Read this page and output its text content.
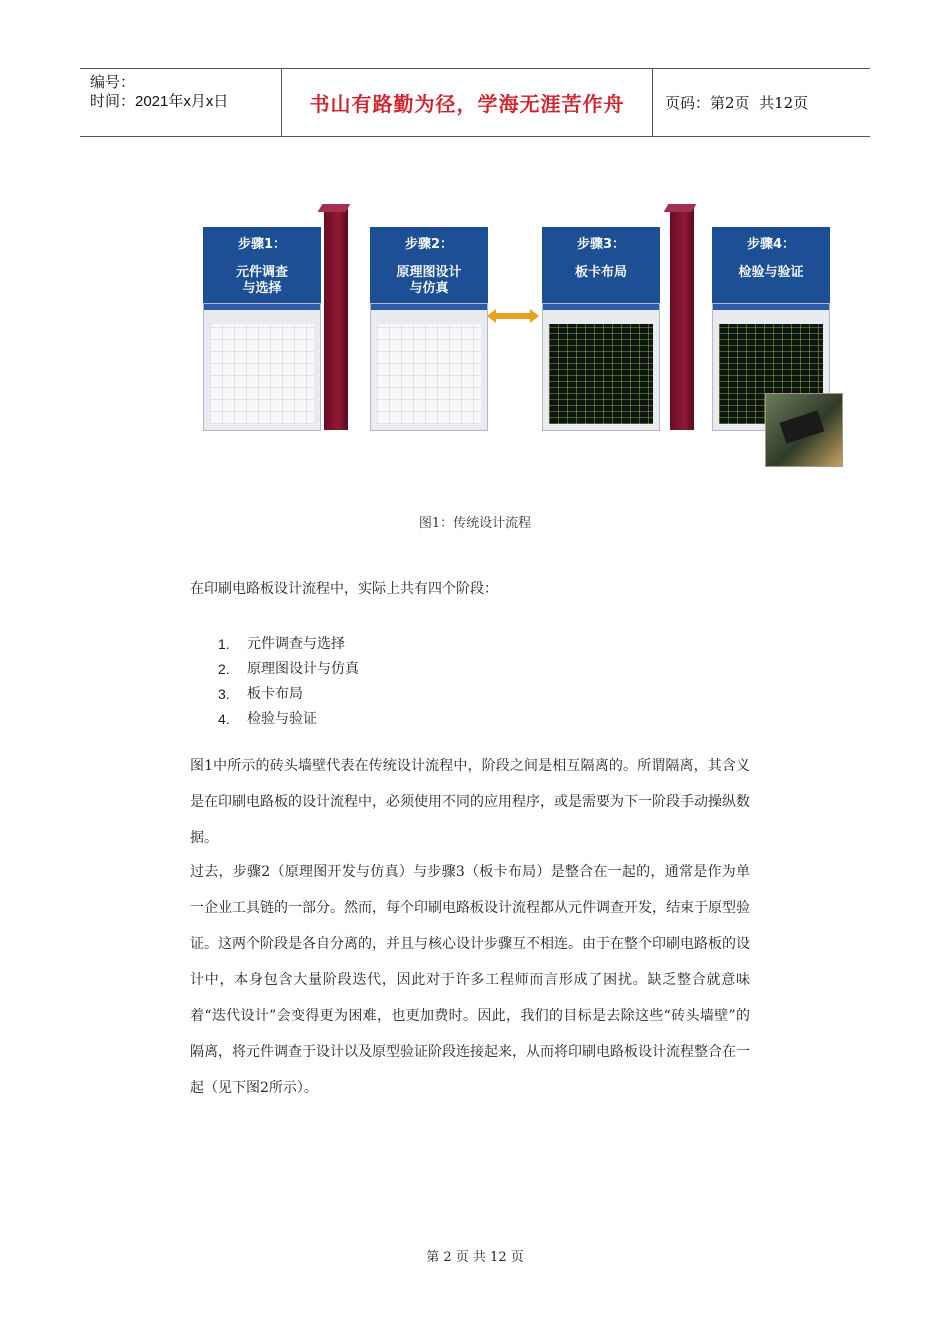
编号：
时间：2021年x月x日	书山有路勤为径，学海无涯苦作舟	页码：第2页  共12页
步骤1：
元件调查
与选择
步骤2：
原理图设计
与仿真
步骤3：
板卡布局
步骤4：
检验与验证
图1：传统设计流程
在印刷电路板设计流程中，实际上共有四个阶段：
1.	元件调查与选择
2.	原理图设计与仿真
3.	板卡布局
4.	检验与验证
图1中所示的砖头墙壁代表在传统设计流程中，阶段之间是相互隔离的。所谓隔离，其含义是在印刷电路板的设计流程中，必须使用不同的应用程序，或是需要为下一阶段手动操纵数据。
过去，步骤2（原理图开发与仿真）与步骤3（板卡布局）是整合在一起的，通常是作为单一企业工具链的一部分。然而，每个印刷电路板设计流程都从元件调查开发，结束于原型验证。这两个阶段是各自分离的，并且与核心设计步骤互不相连。由于在整个印刷电路板的设计中，本身包含大量阶段迭代，因此对于许多工程师而言形成了困扰。缺乏整合就意味着“迭代设计”会变得更为困难，也更加费时。因此，我们的目标是去除这些“砖头墙壁”的隔离，将元件调查于设计以及原型验证阶段连接起来，从而将印刷电路板设计流程整合在一起（见下图2所示）。
第 2 页 共 12 页
